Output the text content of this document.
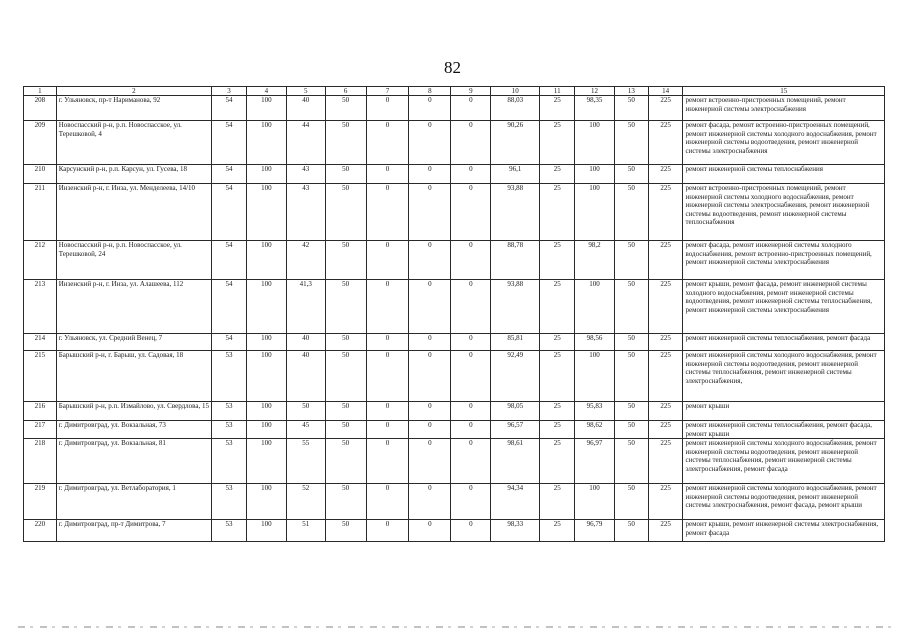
82
1	2	3	4	5	6	7	8	9	10	11	12	13	14	15
208	г. Ульяновск, пр-т Нариманова, 92	54	100	40	50	0	0	0	88,03	25	98,35	50	225	ремонт встроенно-пристроенных помещений, ремонт инженерной системы электроснабжения
209	Новоспасский р-н, р.п. Новоспасское, ул. Терешковой, 4	54	100	44	50	0	0	0	90,26	25	100	50	225	ремонт фасада, ремонт встроенно-пристроенных помещений, ремонт инженерной системы холодного водоснабжения, ремонт инженерной системы водоотведения, ремонт инженерной системы электроснабжения
210	Карсунский р-н, р.п. Карсун, ул. Гусева, 18	54	100	43	50	0	0	0	96,1	25	100	50	225	ремонт инженерной системы теплоснабжения
211	Инзенский р-н, г. Инза, ул. Менделеева, 14/10	54	100	43	50	0	0	0	93,88	25	100	50	225	ремонт встроенно-пристроенных помещений, ремонт инженерной системы холодного водоснабжения, ремонт инженерной системы электроснабжения, ремонт инженерной системы водоотведения, ремонт инженерной системы теплоснабжения
212	Новоспасский р-н, р.п. Новоспасское, ул. Терешковой, 24	54	100	42	50	0	0	0	88,78	25	98,2	50	225	ремонт фасада, ремонт инженерной системы холодного водоснабжения, ремонт встроенно-пристроенных помещений, ремонт инженерной системы электроснабжения
213	Инзенский р-н, г. Инза, ул. Алашеева, 112	54	100	41,3	50	0	0	0	93,88	25	100	50	225	ремонт крыши, ремонт фасада, ремонт инженерной системы холодного водоснабжения, ремонт инженерной системы водоотведения, ремонт инженерной системы теплоснабжения, ремонт инженерной системы электроснабжения
214	г. Ульяновск, ул. Средний Венец, 7	54	100	40	50	0	0	0	85,81	25	98,56	50	225	ремонт инженерной системы теплоснабжения, ремонт фасада
215	Барышский р-н, г. Барыш, ул. Садовая, 18	53	100	40	50	0	0	0	92,49	25	100	50	225	ремонт инженерной системы холодного водоснабжения, ремонт инженерной системы водоотведения, ремонт инженерной системы теплоснабжения, ремонт инженерной системы электроснабжения,
216	Барышский р-н, р.п. Измайлово, ул. Свердлова, 15	53	100	50	50	0	0	0	98,05	25	95,83	50	225	ремонт крыши
217	г. Димитровград, ул. Вокзальная, 73	53	100	45	50	0	0	0	96,57	25	98,62	50	225	ремонт инженерной системы теплоснабжения, ремонт фасада, ремонт крыши
218	г. Димитровград, ул. Вокзальная, 81	53	100	55	50	0	0	0	98,61	25	96,97	50	225	ремонт инженерной системы холодного водоснабжения, ремонт инженерной системы водоотведения, ремонт инженерной системы теплоснабжения, ремонт инженерной системы электроснабжения, ремонт фасада
219	г. Димитровград, ул. Ветлаборатория, 1	53	100	52	50	0	0	0	94,34	25	100	50	225	ремонт инженерной системы холодного водоснабжения, ремонт инженерной системы водоотведения, ремонт инженерной системы электроснабжения, ремонт фасада, ремонт крыши
220	г. Димитровград, пр-т Димитрова, 7	53	100	51	50	0	0	0	98,33	25	96,79	50	225	ремонт крыши, ремонт инженерной системы электроснабжения, ремонт фасада
